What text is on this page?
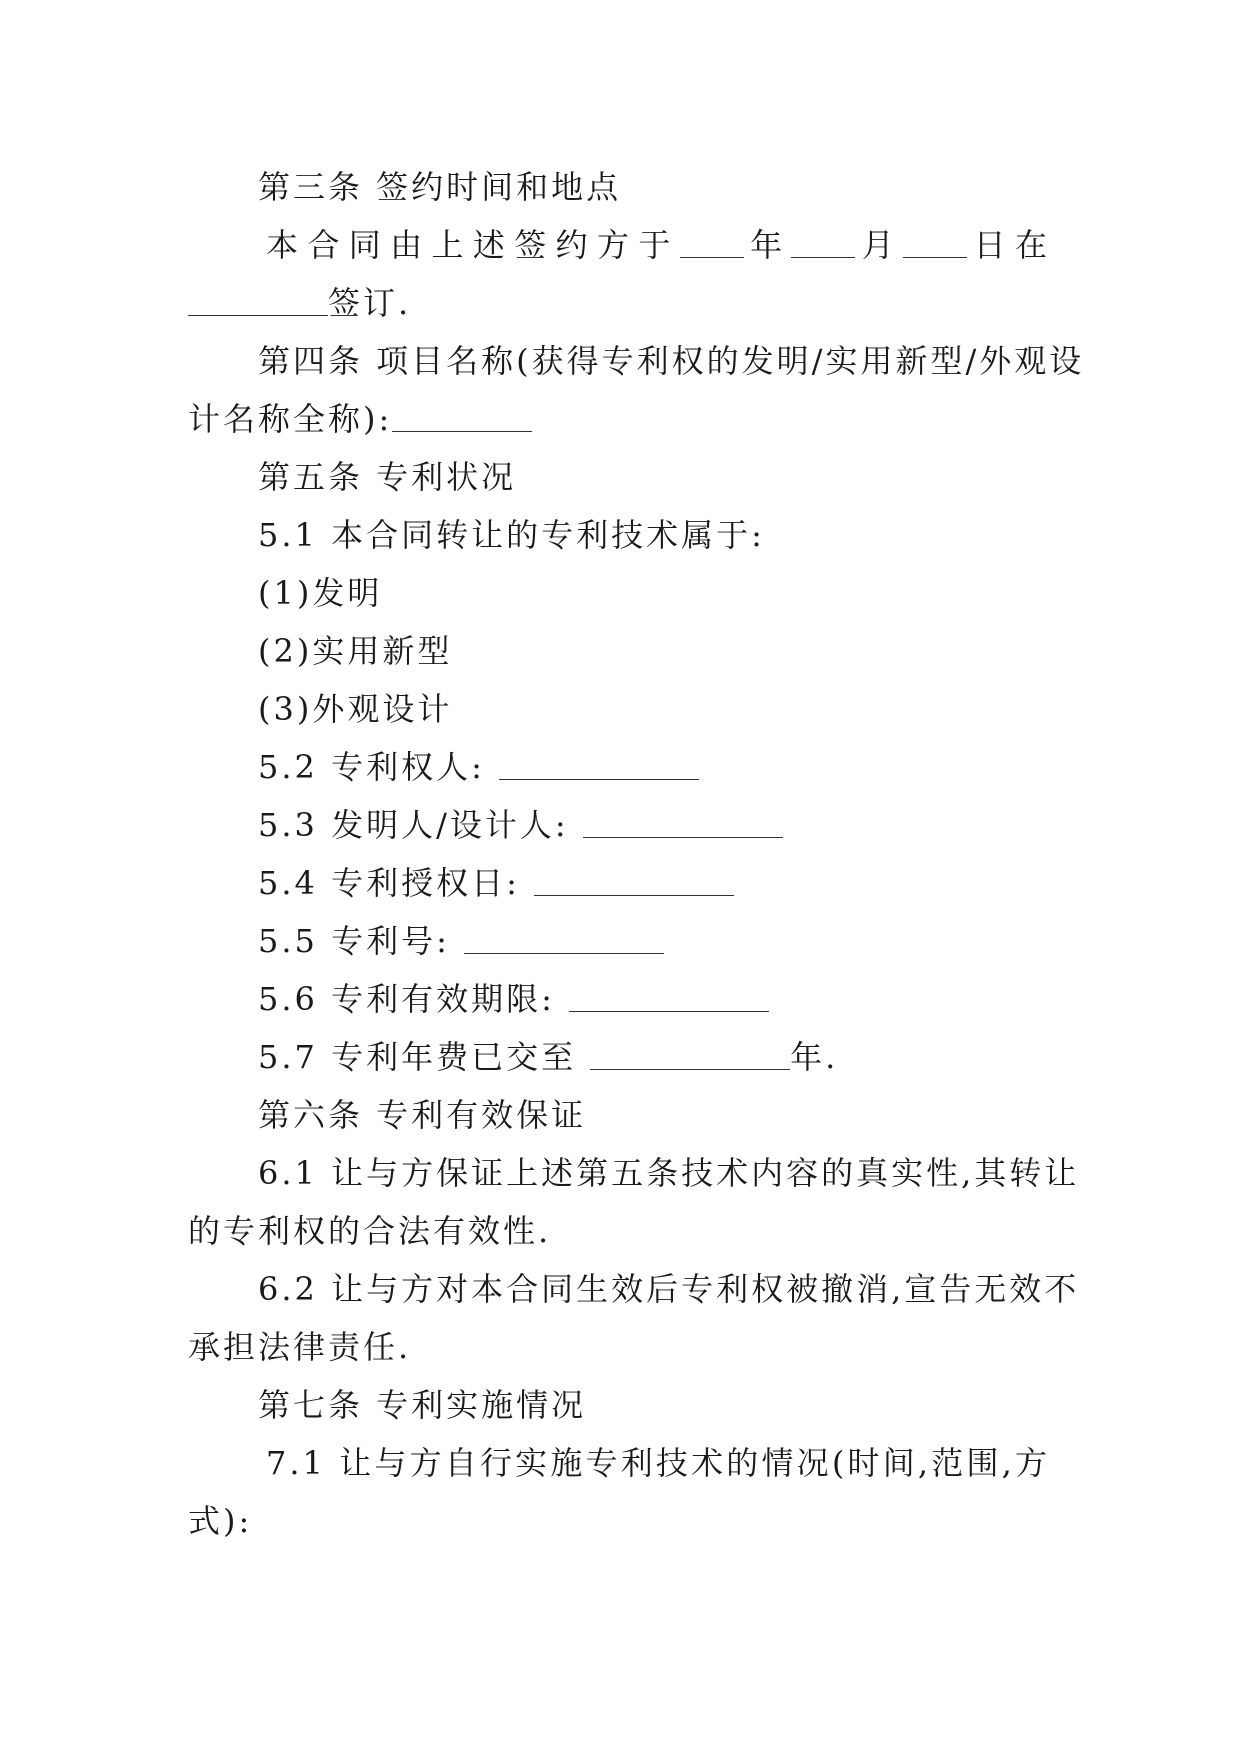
第三条 签约时间和地点
本合同由上述签约方于 年 月 日在
签订.
第四条 项目名称(获得专利权的发明/实用新型/外观设
计名称全称):
第五条 专利状况
5.1 本合同转让的专利技术属于:
(1)发明
(2)实用新型
(3)外观设计
5.2 专利权人:
5.3 发明人/设计人:
5.4 专利授权日:
5.5 专利号:
5.6 专利有效期限:
5.7 专利年费已交至	年.
第六条 专利有效保证
6.1 让与方保证上述第五条技术内容的真实性,其转让
的专利权的合法有效性.
6.2 让与方对本合同生效后专利权被撤消,宣告无效不
承担法律责任.
第七条 专利实施情况
7.1 让与方自行实施专利技术的情况(时间,范围,方
式):
